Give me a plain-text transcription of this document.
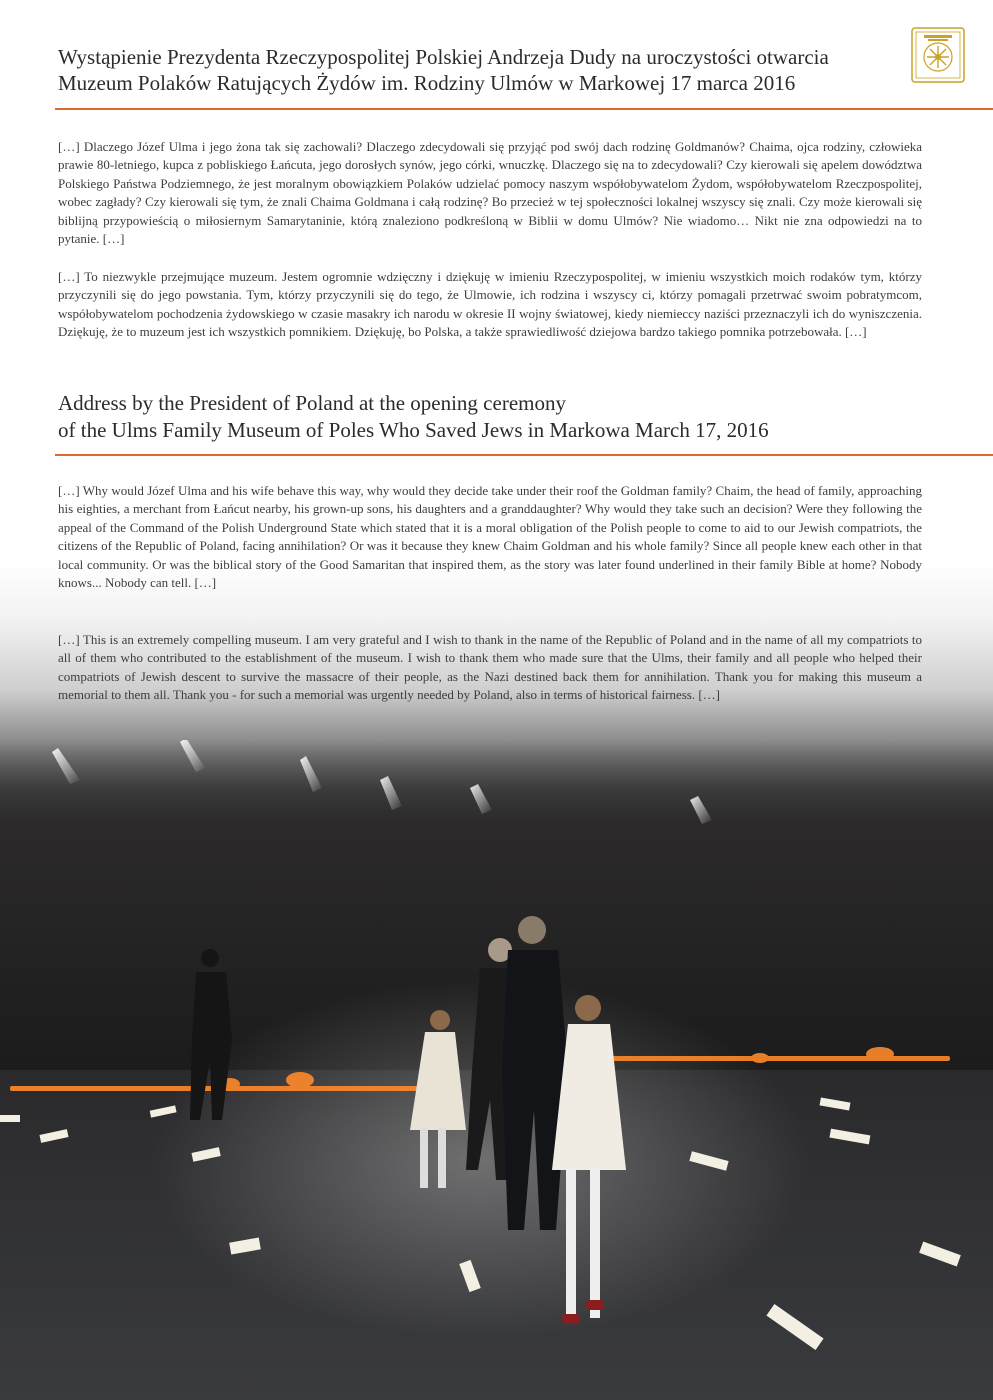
Wystąpienie Prezydenta Rzeczypospolitej Polskiej Andrzeja Dudy na uroczystości otwarcia
Muzeum Polaków Ratujących Żydów im. Rodziny Ulmów w Markowej 17 marca 2016

[…] Dlaczego Józef Ulma i jego żona tak się zachowali? Dlaczego zdecydowali się przyjąć pod swój dach rodzinę Goldmanów? Chaima, ojca rodziny, człowieka prawie 80-letniego, kupca z pobliskiego Łańcuta, jego dorosłych synów, jego córki, wnuczkę. Dlaczego się na to zdecydowali? Czy kierowali się apelem dowództwa Polskiego Państwa Podziemnego, że jest moralnym obowiązkiem Polaków udzielać pomocy naszym współobywatelom Żydom, współobywatelom Rzeczpospolitej, wobec zagłady? Czy kierowali się tym, że znali Chaima Goldmana i całą rodzinę? Bo przecież w tej społeczności lokalnej wszyscy się znali. Czy może kierowali się biblijną przypowieścią o miłosiernym Samarytaninie, którą znaleziono podkreśloną w Biblii w domu Ulmów? Nie wiadomo… Nikt nie zna odpowiedzi na to pytanie. […]

[…] To niezwykle przejmujące muzeum. Jestem ogromnie wdzięczny i dziękuję w imieniu Rzeczypospolitej, w imieniu wszystkich moich rodaków tym, którzy przyczynili się do jego powstania. Tym, którzy przyczynili się do tego, że Ulmowie, ich rodzina i wszyscy ci, którzy pomagali przetrwać swoim pobratymcom, współobywatelom pochodzenia żydowskiego w czasie masakry ich narodu w okresie II wojny światowej, kiedy niemieccy naziści przeznaczyli ich do wyniszczenia. Dziękuję, że to muzeum jest ich wszystkich pomnikiem. Dziękuję, bo Polska, a także sprawiedliwość dziejowa bardzo takiego pomnika potrzebowała. […]

Address by the President of Poland at the opening ceremony
of the Ulms Family Museum of Poles Who Saved Jews in Markowa March 17, 2016

[…] Why would Józef Ulma and his wife behave this way, why would they decide take under their roof the Goldman family? Chaim, the head of family, approaching his eighties, a merchant from Łańcut nearby, his grown-up sons, his daughters and a granddaughter? Why would they take such an decision? Were they following the appeal of the Command of the Polish Underground State which stated that it is a moral obligation of the Polish people to come to aid to our Jewish compatriots, the citizens of the Republic of Poland, facing annihilation? Or was it because they knew Chaim Goldman and his whole family? Since all people knew each other in that local community. Or was the biblical story of the Good Samaritan that inspired them, as the story was later found underlined in their family Bible at home? Nobody knows... Nobody can tell. […]

[…] This is an extremely compelling museum. I am very grateful and I wish to thank in the name of the Republic of Poland and in the name of all my compatriots to all of them who contributed to the establishment of the museum. I wish to thank them who made sure that the Ulms, their family and all people who helped their compatriots of Jewish descent to survive the massacre of their people, as the Nazi destined back them for annihilation. Thank you for making this museum a memorial to them all. Thank you - for such a memorial was urgently needed by Poland, also in terms of historical fairness. […]
